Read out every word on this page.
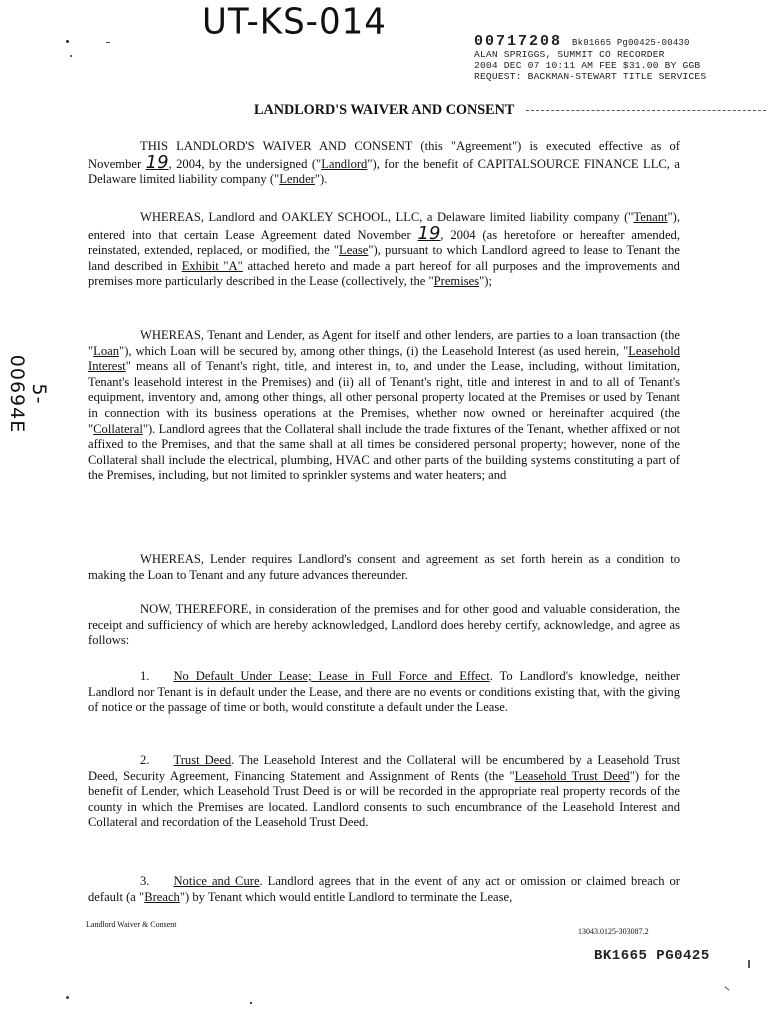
UT-KS-014	00717208 Bk01665 Pg00425-00430
ALAN SPRIGGS, SUMMIT CO RECORDER
2004 DEC 07 10:11 AM FEE $31.00 BY GGB
REQUEST: BACKMAN-STEWART TITLE SERVICES
5-00694E
LANDLORD'S WAIVER AND CONSENT

THIS LANDLORD'S WAIVER AND CONSENT (this "Agreement") is executed effective as of November 19, 2004, by the undersigned ("Landlord"), for the benefit of CAPITALSOURCE FINANCE LLC, a Delaware limited liability company ("Lender").

WHEREAS, Landlord and OAKLEY SCHOOL, LLC, a Delaware limited liability company ("Tenant"), entered into that certain Lease Agreement dated November 19, 2004 (as heretofore or hereafter amended, reinstated, extended, replaced, or modified, the "Lease"), pursuant to which Landlord agreed to lease to Tenant the land described in Exhibit "A" attached hereto and made a part hereof for all purposes and the improvements and premises more particularly described in the Lease (collectively, the "Premises");

WHEREAS, Tenant and Lender, as Agent for itself and other lenders, are parties to a loan transaction (the "Loan"), which Loan will be secured by, among other things, (i) the Leasehold Interest (as used herein, "Leasehold Interest" means all of Tenant's right, title, and interest in, to, and under the Lease, including, without limitation, Tenant's leasehold interest in the Premises) and (ii) all of Tenant's right, title and interest in and to all of Tenant's equipment, inventory and, among other things, all other personal property located at the Premises or used by Tenant in connection with its business operations at the Premises, whether now owned or hereinafter acquired (the "Collateral"). Landlord agrees that the Collateral shall include the trade fixtures of the Tenant, whether affixed or not affixed to the Premises, and that the same shall at all times be considered personal property; however, none of the Collateral shall include the electrical, plumbing, HVAC and other parts of the building systems constituting a part of the Premises, including, but not limited to sprinkler systems and water heaters; and

WHEREAS, Lender requires Landlord's consent and agreement as set forth herein as a condition to making the Loan to Tenant and any future advances thereunder.

NOW, THEREFORE, in consideration of the premises and for other good and valuable consideration, the receipt and sufficiency of which are hereby acknowledged, Landlord does hereby certify, acknowledge, and agree as follows:

1. No Default Under Lease; Lease in Full Force and Effect. To Landlord's knowledge, neither Landlord nor Tenant is in default under the Lease, and there are no events or conditions existing that, with the giving of notice or the passage of time or both, would constitute a default under the Lease.

2. Trust Deed. The Leasehold Interest and the Collateral will be encumbered by a Leasehold Trust Deed, Security Agreement, Financing Statement and Assignment of Rents (the "Leasehold Trust Deed") for the benefit of Lender, which Leasehold Trust Deed is or will be recorded in the appropriate real property records of the county in which the Premises are located. Landlord consents to such encumbrance of the Leasehold Interest and Collateral and recordation of the Leasehold Trust Deed.

3. Notice and Cure. Landlord agrees that in the event of any act or omission or claimed breach or default (a "Breach") by Tenant which would entitle Landlord to terminate the Lease,

Landlord Waiver & Consent
13043.0125-303087.2
BK1665 PG0425
